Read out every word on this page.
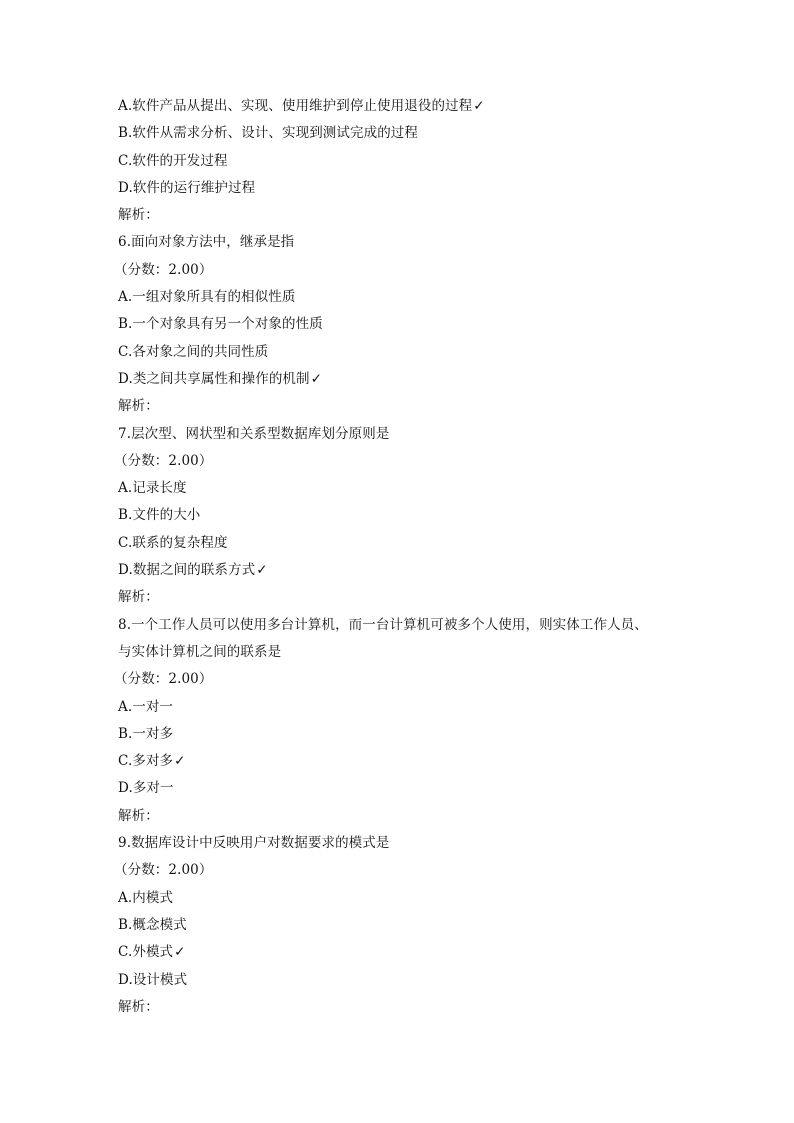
A.软件产品从提出、实现、使用维护到停止使用退役的过程✓
B.软件从需求分析、设计、实现到测试完成的过程
C.软件的开发过程
D.软件的运行维护过程
解析：
6.面向对象方法中，继承是指
（分数：2.00）
A.一组对象所具有的相似性质
B.一个对象具有另一个对象的性质
C.各对象之间的共同性质
D.类之间共享属性和操作的机制✓
解析：
7.层次型、网状型和关系型数据库划分原则是
（分数：2.00）
A.记录长度
B.文件的大小
C.联系的复杂程度
D.数据之间的联系方式✓
解析：
8.一个工作人员可以使用多台计算机，而一台计算机可被多个人使用，则实体工作人员、
与实体计算机之间的联系是
（分数：2.00）
A.一对一
B.一对多
C.多对多✓
D.多对一
解析：
9.数据库设计中反映用户对数据要求的模式是
（分数：2.00）
A.内模式
B.概念模式
C.外模式✓
D.设计模式
解析：
